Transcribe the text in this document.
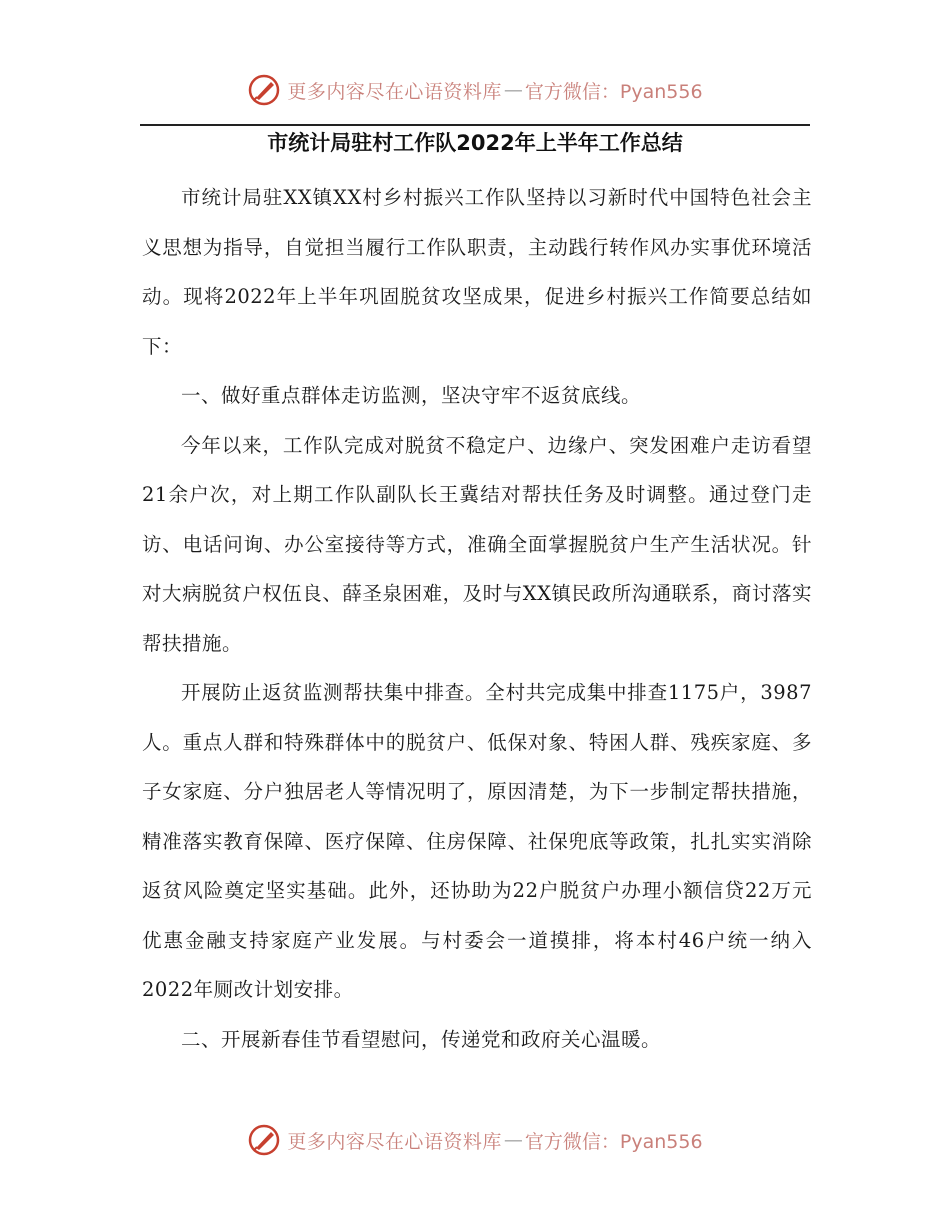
更多内容尽在心语资料库 — 官方微信：Pyan556
市统计局驻村工作队2022年上半年工作总结

市统计局驻XX镇XX村乡村振兴工作队坚持以习新时代中国特色社会主义思想为指导，自觉担当履行工作队职责，主动践行转作风办实事优环境活动。现将2022年上半年巩固脱贫攻坚成果，促进乡村振兴工作简要总结如下：

一、做好重点群体走访监测，坚决守牢不返贫底线。

今年以来，工作队完成对脱贫不稳定户、边缘户、突发困难户走访看望21余户次，对上期工作队副队长王冀结对帮扶任务及时调整。通过登门走访、电话问询、办公室接待等方式，准确全面掌握脱贫户生产生活状况。针对大病脱贫户权伍良、薛圣泉困难，及时与XX镇民政所沟通联系，商讨落实帮扶措施。

开展防止返贫监测帮扶集中排查。全村共完成集中排查1175户，3987人。重点人群和特殊群体中的脱贫户、低保对象、特困人群、残疾家庭、多子女家庭、分户独居老人等情况明了，原因清楚，为下一步制定帮扶措施，精准落实教育保障、医疗保障、住房保障、社保兜底等政策，扎扎实实消除返贫风险奠定坚实基础。此外，还协助为22户脱贫户办理小额信贷22万元优惠金融支持家庭产业发展。与村委会一道摸排，将本村46户统一纳入2022年厕改计划安排。

二、开展新春佳节看望慰问，传递党和政府关心温暖。

更多内容尽在心语资料库 — 官方微信：Pyan556
